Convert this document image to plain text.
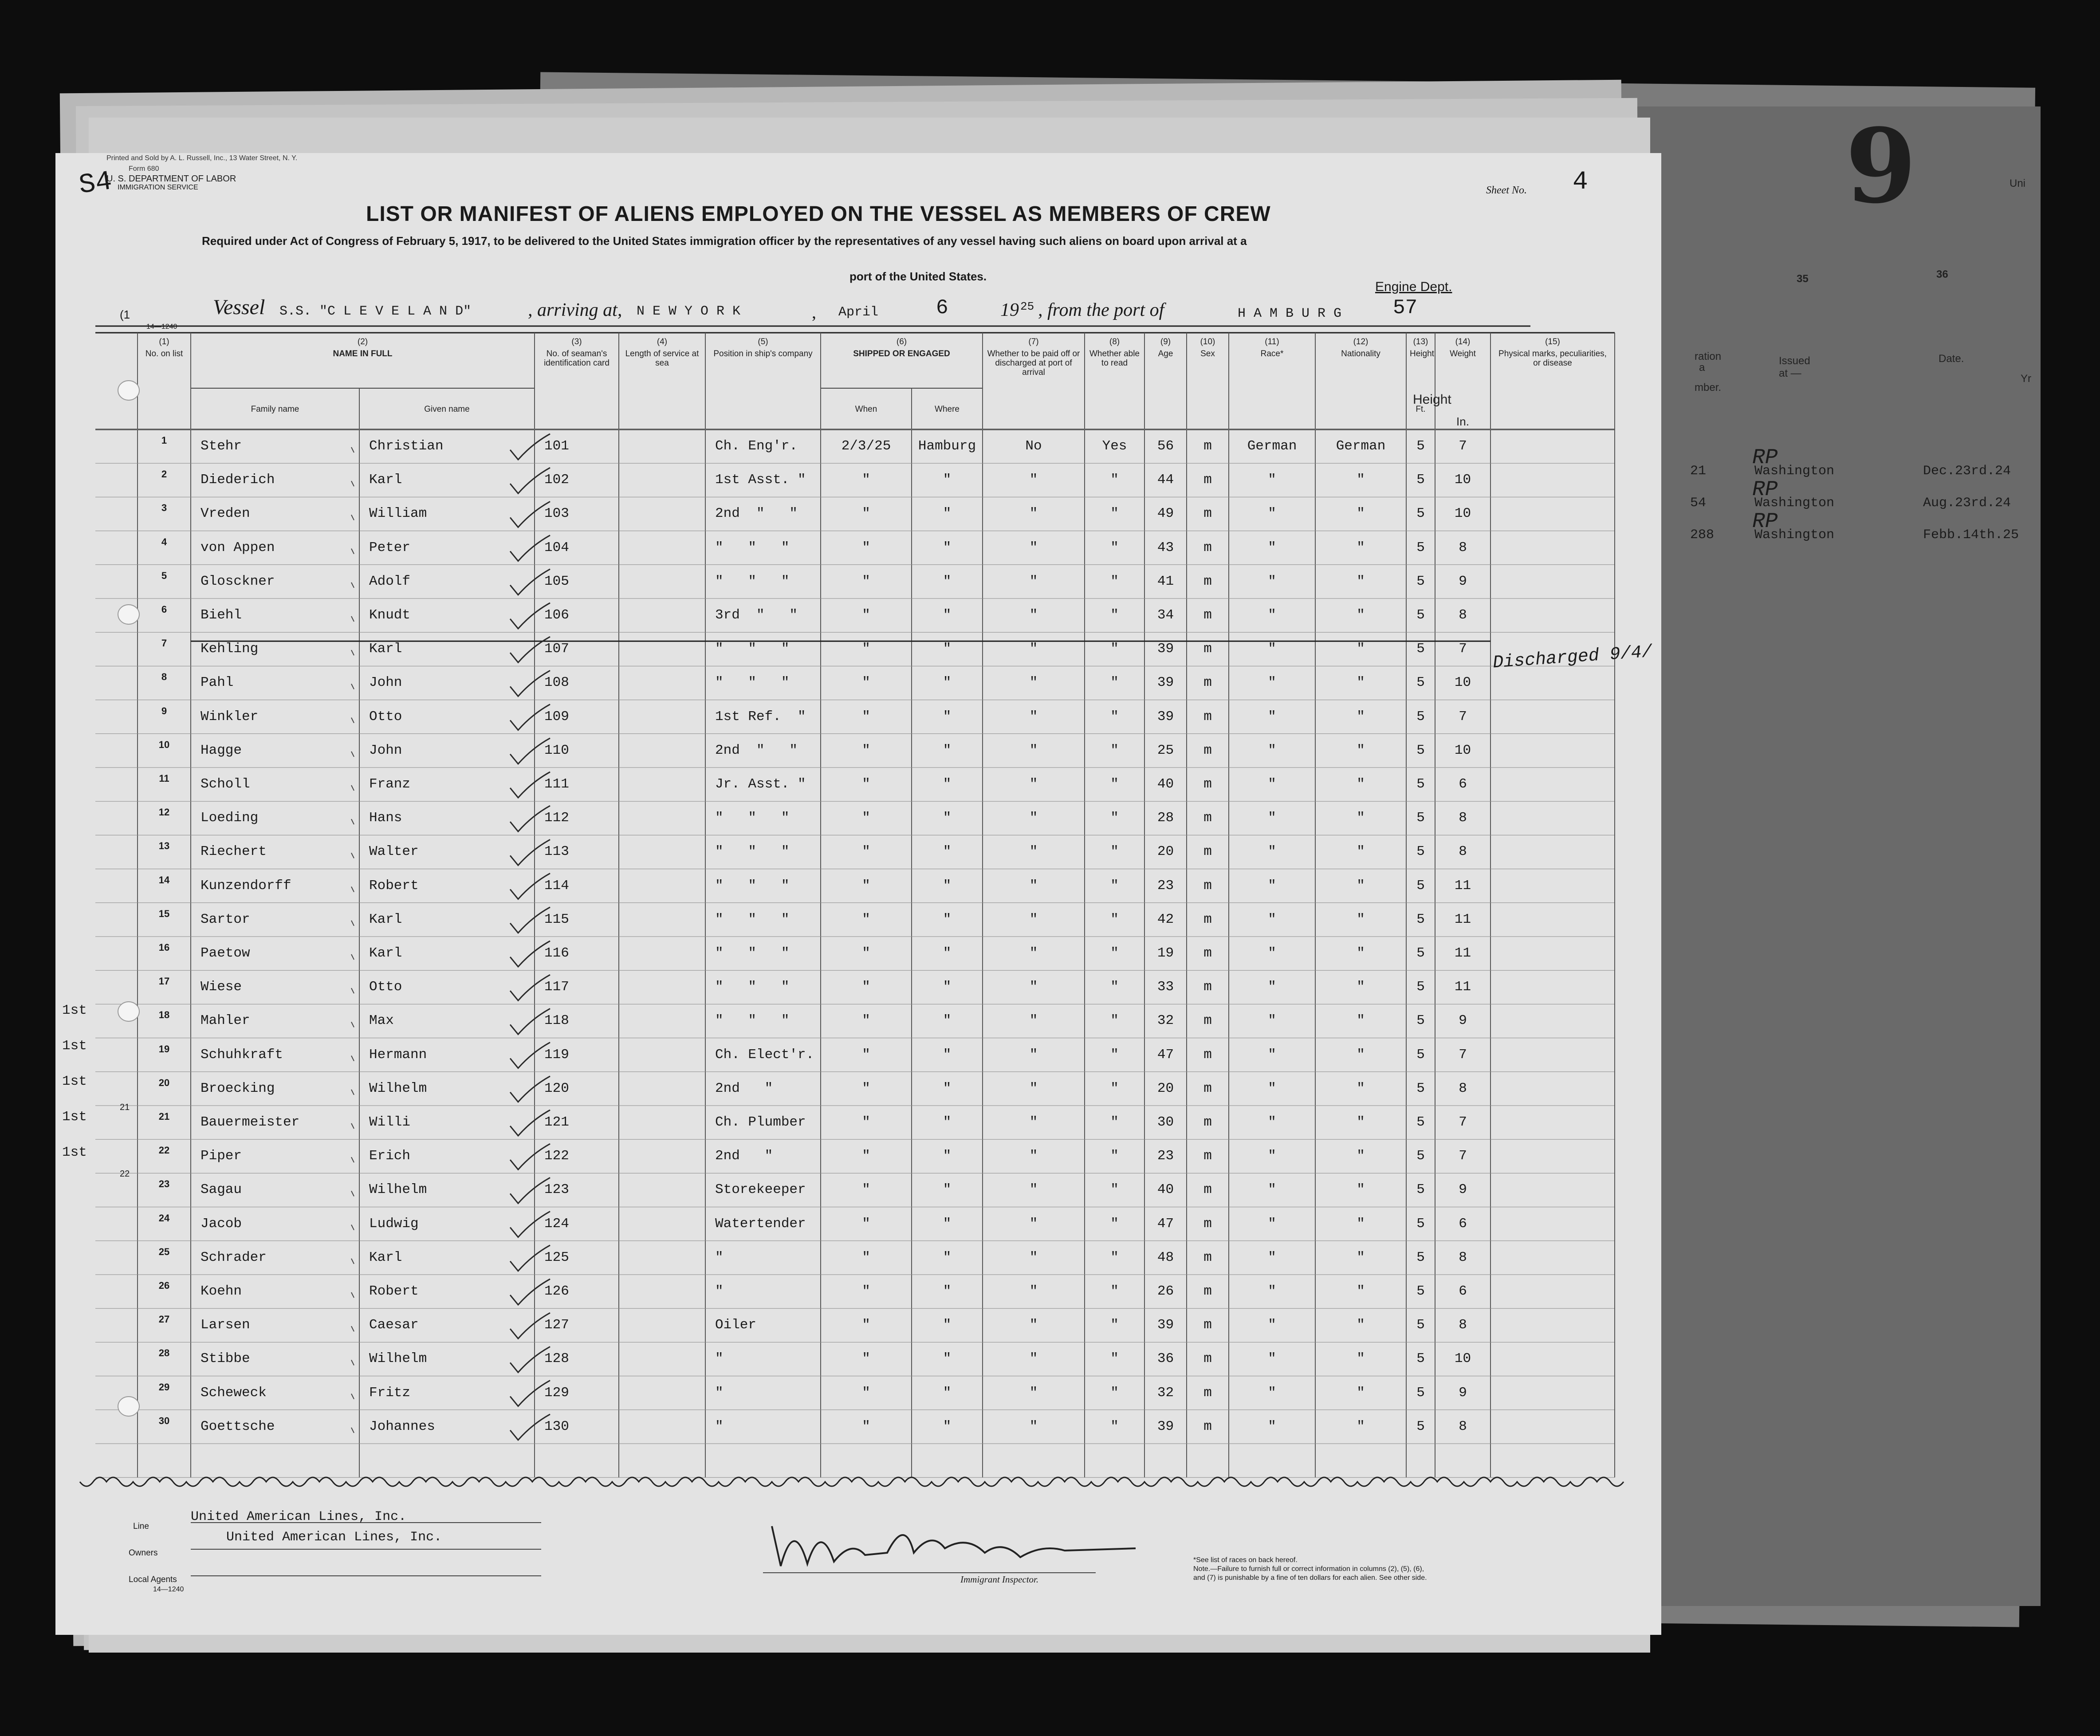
9	Uni
ration
a
mber.
Yr
35	36
Issued at —
Date.
Printed and Sold by A. L. Russell, Inc., 13 Water Street, N. Y.
Form 680
U. S. DEPARTMENT OF LABOR
IMMIGRATION SERVICE
S4	Sheet No. 4
LIST OR MANIFEST OF ALIENS EMPLOYED ON THE VESSEL AS MEMBERS OF CREW
Required under Act of Congress of February 5, 1917, to be delivered to the United States immigration officer by the representatives of any vessel having such aliens on board upon arrival at a
port of the United States.
Engine Dept.
(1
14—1240
Vessel S.S. "C L E V E L A N D"	, arriving at, N E W Y O R K	, April	6	19 25 , from the port of	H A M B U R G	57
(1)
No. on list
(2)
NAME IN FULL
Family name	Given name
(3)
No. of seaman's identification card
(4)
Length of service at sea
(5)
Position in ship's company
(6)
SHIPPED OR ENGAGED
When	Where
(7)
Whether to be paid off or discharged at port of arrival
(8)
Whether able to read
(9)
Age
(10)
Sex
(11)
Race*
(12)
Nationality
(13)
Height
Ft.
(14)
Weight
In.
(15)
Physical marks, peculiarities, or disease
Height
1	Stehr	Christian	101	Ch. Eng'r.	2/3/25	Hamburg	No	Yes	56	m	German	German	5	7
2	Diederich	Karl	102	1st Asst. "	"	"	"	"	44	m	"	"	5	10
3	Vreden	William	103	2nd  "   "	"	"	"	"	49	m	"	"	5	10
4	von Appen	Peter	104	"   "   "	"	"	"	"	43	m	"	"	5	8
5	Glosckner	Adolf	105	"   "   "	"	"	"	"	41	m	"	"	5	9
6	Biehl	Knudt	106	3rd  "   "	"	"	"	"	34	m	"	"	5	8
7	Kehling	Karl	107	"   "   "	"	"	"	"	39	m	"	"	5	7
8	Pahl	John	108	"   "   "	"	"	"	"	39	m	"	"	5	10
9	Winkler	Otto	109	1st Ref.  "	"	"	"	"	39	m	"	"	5	7
10	Hagge	John	110	2nd  "   "	"	"	"	"	25	m	"	"	5	10
11	Scholl	Franz	111	Jr. Asst. "	"	"	"	"	40	m	"	"	5	6
12	Loeding	Hans	112	"   "   "	"	"	"	"	28	m	"	"	5	8
13	Riechert	Walter	113	"   "   "	"	"	"	"	20	m	"	"	5	8
14	Kunzendorff	Robert	114	"   "   "	"	"	"	"	23	m	"	"	5	11
15	Sartor	Karl	115	"   "   "	"	"	"	"	42	m	"	"	5	11
16	Paetow	Karl	116	"   "   "	"	"	"	"	19	m	"	"	5	11
17	Wiese	Otto	117	"   "   "	"	"	"	"	33	m	"	"	5	11
18	Mahler	Max	118	"   "   "	"	"	"	"	32	m	"	"	5	9
19	Schuhkraft	Hermann	119	Ch. Elect'r.	"	"	"	"	47	m	"	"	5	7
20	Broecking	Wilhelm	120	2nd   "	"	"	"	"	20	m	"	"	5	8
21	Bauermeister	Willi	121	Ch. Plumber	"	"	"	"	30	m	"	"	5	7
22	Piper	Erich	122	2nd   "	"	"	"	"	23	m	"	"	5	7
23	Sagau	Wilhelm	123	Storekeeper	"	"	"	"	40	m	"	"	5	9
24	Jacob	Ludwig	124	Watertender	"	"	"	"	47	m	"	"	5	6
25	Schrader	Karl	125	"	"	"	"	"	48	m	"	"	5	8
26	Koehn	Robert	126	"	"	"	"	"	26	m	"	"	5	6
27	Larsen	Caesar	127	Oiler	"	"	"	"	39	m	"	"	5	8
28	Stibbe	Wilhelm	128	"	"	"	"	"	36	m	"	"	5	10
29	Scheweck	Fritz	129	"	"	"	"	"	32	m	"	"	5	9
30	Goettsche	Johannes	130	"	"	"	"	"	39	m	"	"	5	8
1st
1st
1st
1st
1st
21
22
Discharged 9/4/
21
RP
Washington	Dec.23rd.24
54
RP
Washington	Aug.23rd.24
288
RP
Washington	Febb.14th.25
Line
United American Lines, Inc.
Owners
United American Lines, Inc.
Local Agents
14—1240
Immigrant Inspector.
*See list of races on back hereof.
Note.—Failure to furnish full or correct information in columns (2), (5), (6),
and (7) is punishable by a fine of ten dollars for each alien. See other side.
